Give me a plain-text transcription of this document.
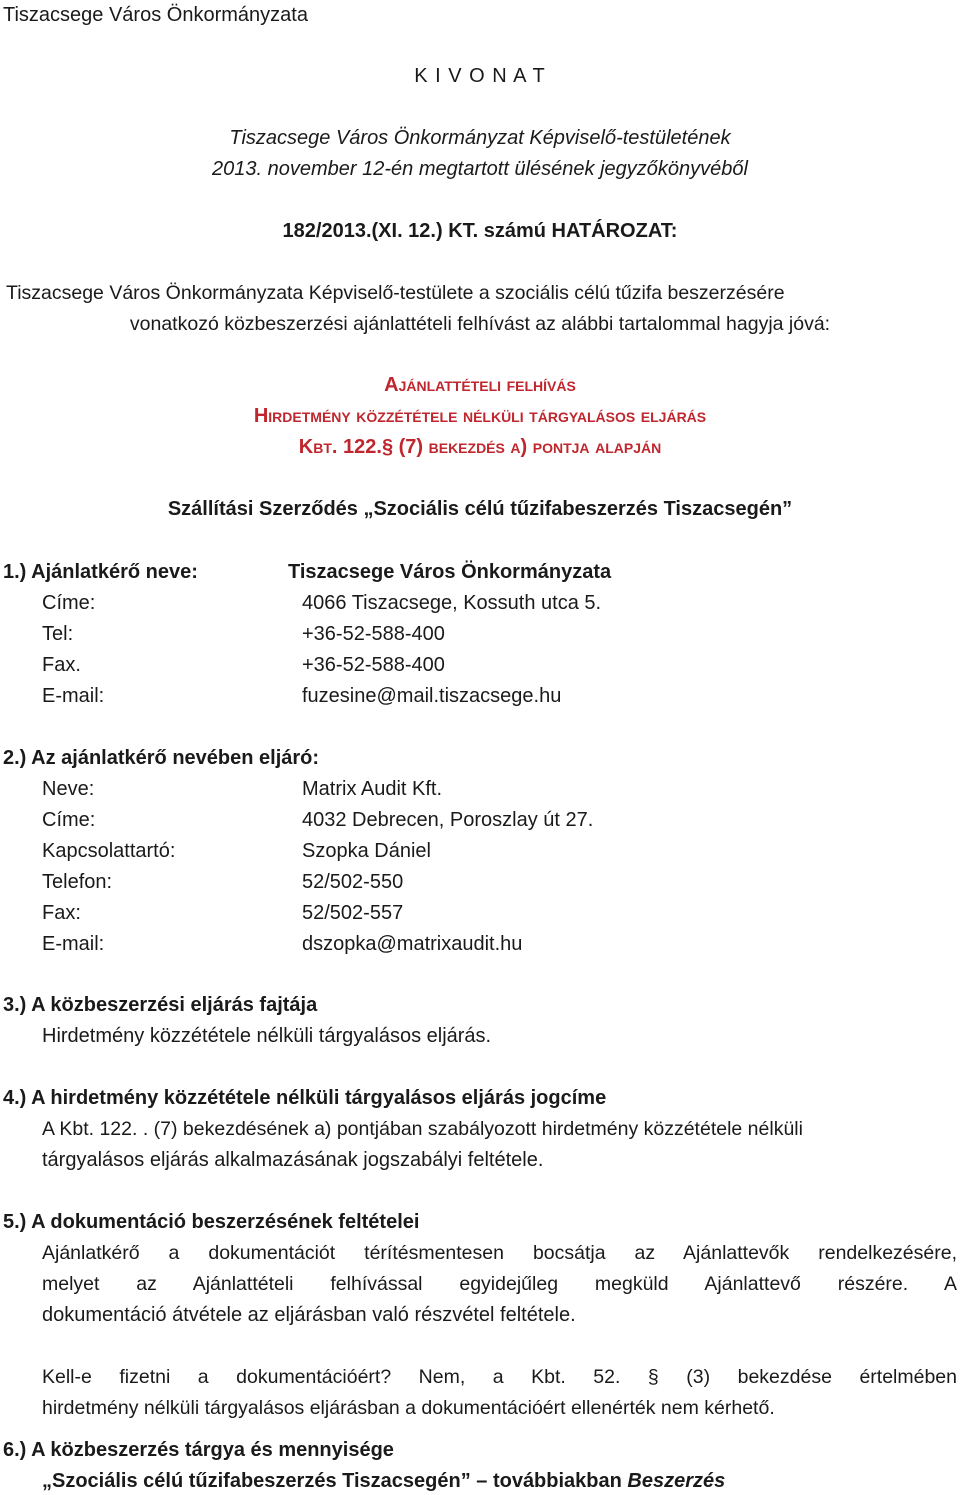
Tiszacsege Város Önkormányzata
K I V O N A T
Tiszacsege Város Önkormányzat Képviselő-testületének
2013. november 12-én megtartott ülésének jegyzőkönyvéből
182/2013.(XI. 12.) KT. számú HATÁROZAT:
Tiszacsege Város Önkormányzata Képviselő-testülete a szociális célú tűzifa beszerzésére
vonatkozó közbeszerzési ajánlattételi felhívást az alábbi tartalommal hagyja jóvá:
Ajánlattételi felhívás
Hirdetmény közzététele nélküli tárgyalásos eljárás
Kbt. 122.§ (7) bekezdés a) pontja alapján
Szállítási Szerződés „Szociális célú tűzifabeszerzés Tiszacsegén”
1.) Ajánlatkérő neve:	Tiszacsege Város Önkormányzata
Címe:	4066 Tiszacsege, Kossuth utca 5.
Tel:	+36-52-588-400
Fax.	+36-52-588-400
E-mail:	fuzesine@mail.tiszacsege.hu
2.) Az ajánlatkérő nevében eljáró:
Neve:	Matrix Audit Kft.
Címe:	4032 Debrecen, Poroszlay út 27.
Kapcsolattartó:	Szopka Dániel
Telefon:	52/502-550
Fax:	52/502-557
E-mail:	dszopka@matrixaudit.hu
3.) A közbeszerzési eljárás fajtája
Hirdetmény közzététele nélküli tárgyalásos eljárás.
4.) A hirdetmény közzététele nélküli tárgyalásos eljárás jogcíme
A Kbt. 122. . (7) bekezdésének a) pontjában szabályozott hirdetmény közzététele nélküli
tárgyalásos eljárás alkalmazásának jogszabályi feltétele.
5.) A dokumentáció beszerzésének feltételei
Ajánlatkérő a dokumentációt térítésmentesen bocsátja az Ajánlattevők rendelkezésére,
melyet az Ajánlattételi felhívással egyidejűleg megküld Ajánlattevő részére. A
dokumentáció átvétele az eljárásban való részvétel feltétele.
Kell-e fizetni a dokumentációért? Nem, a Kbt. 52. § (3) bekezdése értelmében
hirdetmény nélküli tárgyalásos eljárásban a dokumentációért ellenérték nem kérhető.
6.) A közbeszerzés tárgya és mennyisége
„Szociális célú tűzifabeszerzés Tiszacsegén” – továbbiakban Beszerzés
